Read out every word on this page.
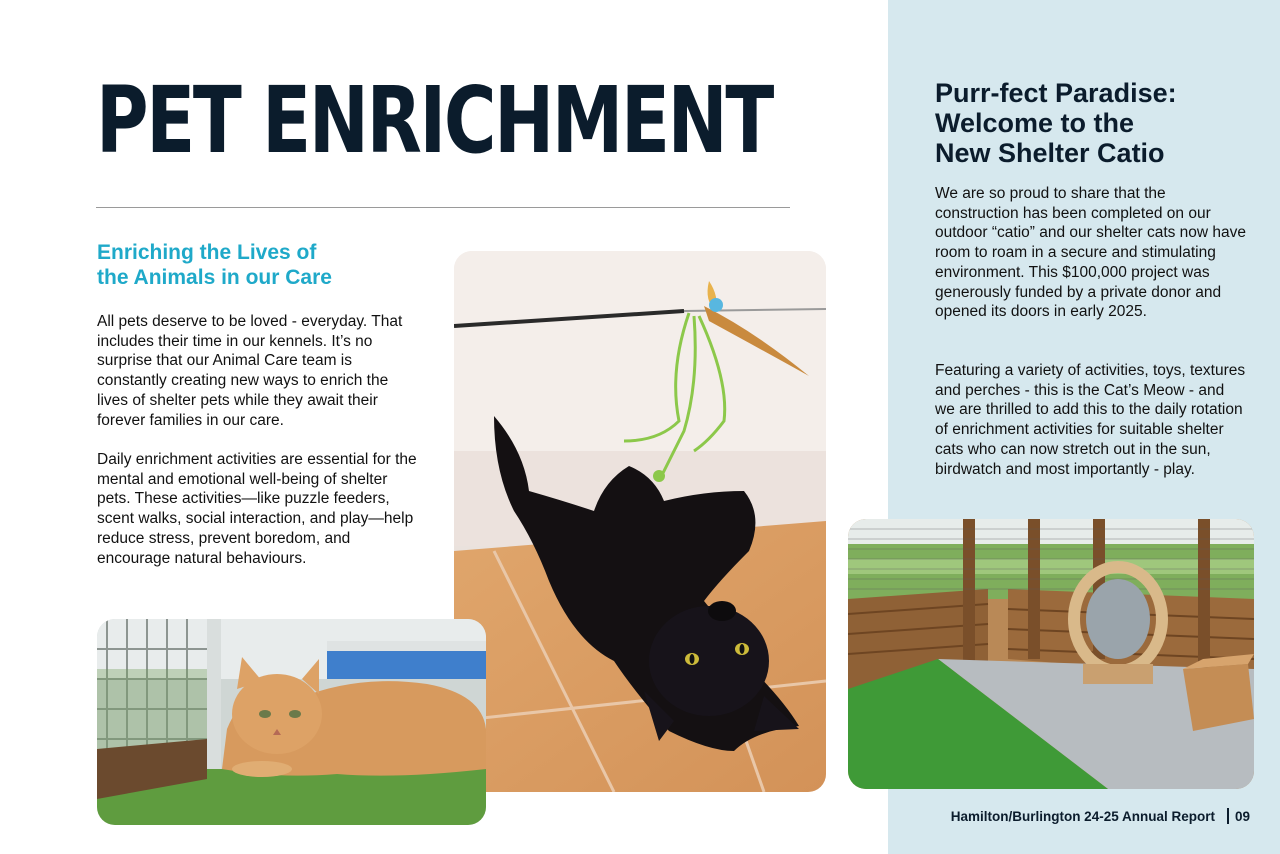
PET ENRICHMENT
Enriching the Lives of
the Animals in our Care

All pets deserve to be loved - everyday. That includes their time in our kennels. It’s no surprise that our Animal Care team is constantly creating new ways to enrich the lives of shelter pets while they await their forever families in our care.

Daily enrichment activities are essential for the mental and emotional well-being of shelter pets. These activities—like puzzle feeders, scent walks, social interaction, and play—help reduce stress, prevent boredom, and encourage natural behaviours.

Purr-fect Paradise:
Welcome to the
New Shelter Catio

We are so proud to share that the construction has been completed on our outdoor “catio” and our shelter cats now have room to roam in a secure and stimulating environment. This $100,000 project was generously funded by a private donor and opened its doors in early 2025.

Featuring a variety of activities, toys, textures and perches - this is the Cat’s Meow - and we are thrilled to add this to the daily rotation of enrichment activities for suitable shelter cats who can now stretch out in the sun, birdwatch and most importantly - play.

Hamilton/Burlington 24-25 Annual Report 09
